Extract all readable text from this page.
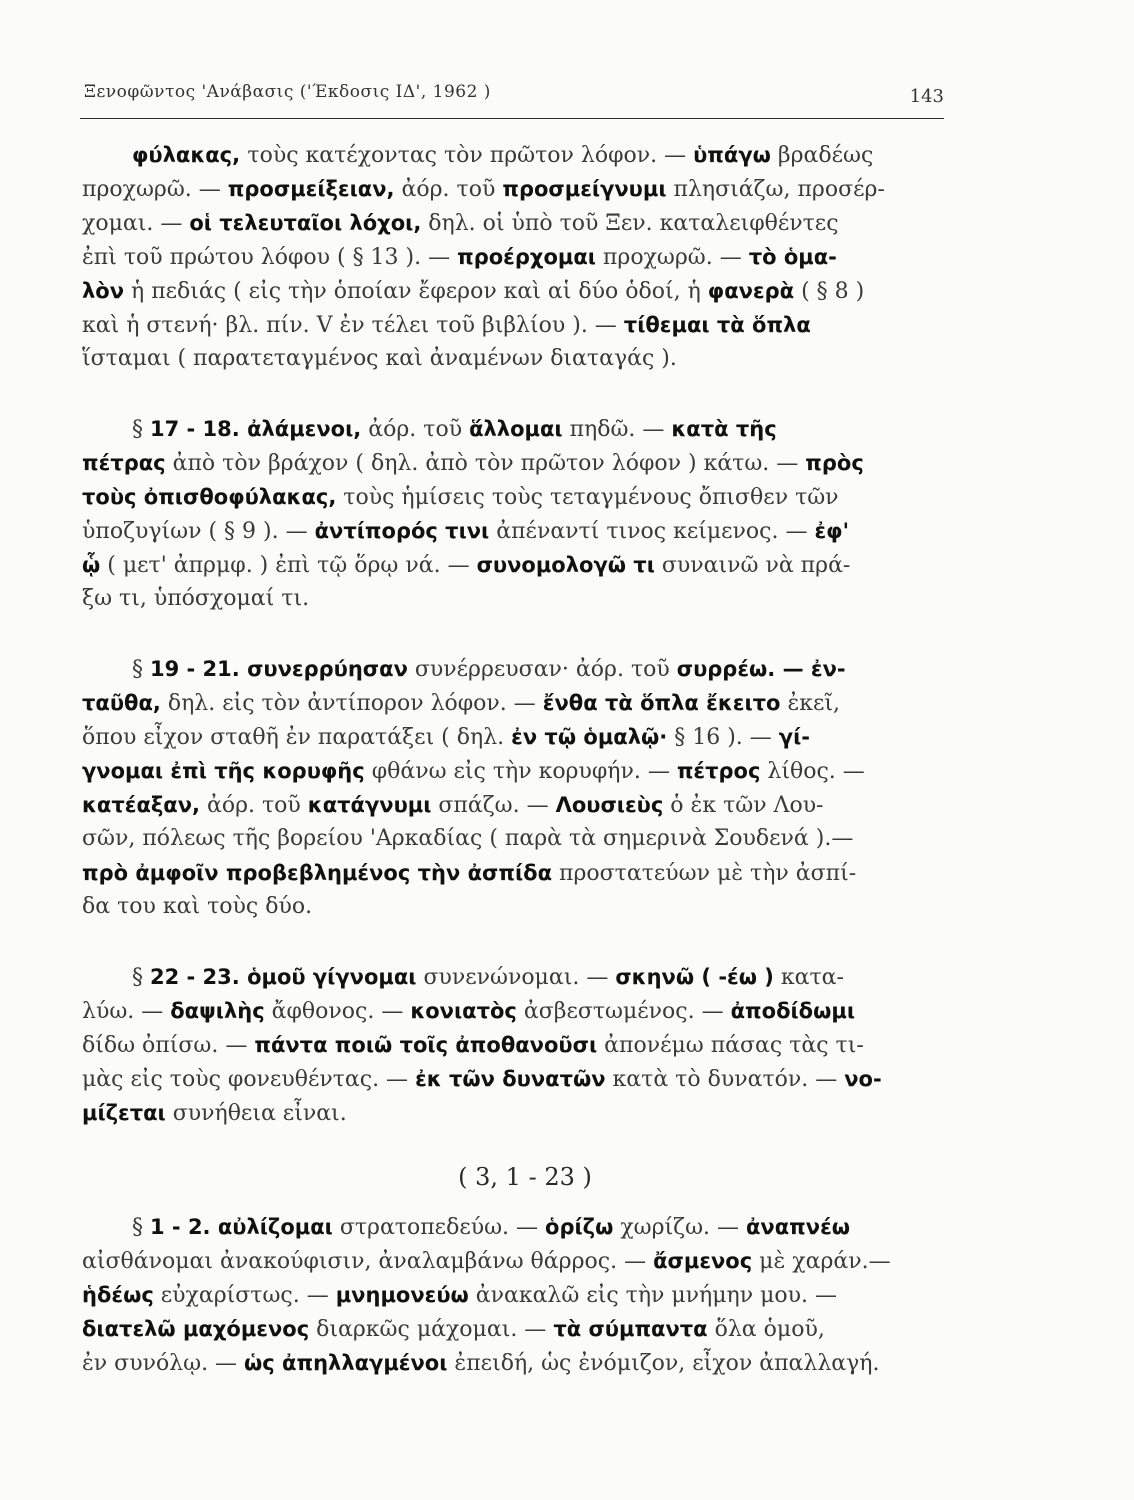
Ξενοφῶντος 'Ανάβασις ('Έκδοσις ΙΔ', 1962 )	143
φύλακας, τοὺς κατέχοντας τὸν πρῶτον λόφον. — ὑπάγω βραδέως
προχωρῶ. — προσμείξειαν, ἀόρ. τοῦ προσμείγνυμι πλησιάζω, προσέρ-
χομαι. — οἱ τελευταῖοι λόχοι, δηλ. οἱ ὑπὸ τοῦ Ξεν. καταλειφθέντες
ἐπὶ τοῦ πρώτου λόφου ( § 13 ). — προέρχομαι προχωρῶ. — τὸ ὁμα-
λὸν ἡ πεδιάς ( εἰς τὴν ὁποίαν ἔφερον καὶ αἱ δύο ὁδοί, ἡ φανερὰ ( § 8 )
καὶ ἡ στενή· βλ. πίν. V ἐν τέλει τοῦ βιβλίου ). — τίθεμαι τὰ ὅπλα
ἵσταμαι ( παρατεταγμένος καὶ ἀναμένων διαταγάς ).
§ 17 - 18. ἀλάμενοι, ἀόρ. τοῦ ἅλλομαι πηδῶ. — κατὰ τῆς
πέτρας ἀπὸ τὸν βράχον ( δηλ. ἀπὸ τὸν πρῶτον λόφον ) κάτω. — πρὸς
τοὺς ὀπισθοφύλακας, τοὺς ἡμίσεις τοὺς τεταγμένους ὄπισθεν τῶν
ὑποζυγίων ( § 9 ). — ἀντίπορός τινι ἀπέναντί τινος κείμενος. — ἐφ'
ᾧ ( μετ' ἀπρμφ. ) ἐπὶ τῷ ὅρῳ νά. — συνομολογῶ τι συναινῶ νὰ πρά-
ξω τι, ὑπόσχομαί τι.
§ 19 - 21. συνερρύησαν συνέρρευσαν· ἀόρ. τοῦ συρρέω. — ἐν-
ταῦθα, δηλ. εἰς τὸν ἀντίπορον λόφον. — ἔνθα τὰ ὅπλα ἔκειτο ἐκεῖ,
ὅπου εἶχον σταθῆ ἐν παρατάξει ( δηλ. ἐν τῷ ὁμαλῷ· § 16 ). — γί-
γνομαι ἐπὶ τῆς κορυφῆς φθάνω εἰς τὴν κορυφήν. — πέτρος λίθος. —
κατέαξαν, ἀόρ. τοῦ κατάγνυμι σπάζω. — Λουσιεὺς ὁ ἐκ τῶν Λου-
σῶν, πόλεως τῆς βορείου 'Αρκαδίας ( παρὰ τὰ σημερινὰ Σουδενά ).—
πρὸ ἀμφοῖν προβεβλημένος τὴν ἀσπίδα προστατεύων μὲ τὴν ἀσπί-
δα του καὶ τοὺς δύο.
§ 22 - 23. ὁμοῦ γίγνομαι συνενώνομαι. — σκηνῶ ( -έω ) κατα-
λύω. — δαψιλὴς ἄφθονος. — κονιατὸς ἀσβεστωμένος. — ἀποδίδωμι
δίδω ὀπίσω. — πάντα ποιῶ τοῖς ἀποθανοῦσι ἀπονέμω πάσας τὰς τι-
μὰς εἰς τοὺς φονευθέντας. — ἐκ τῶν δυνατῶν κατὰ τὸ δυνατόν. — νο-
μίζεται συνήθεια εἶναι.
( 3, 1 - 23 )
§ 1 - 2. αὐλίζομαι στρατοπεδεύω. — ὁρίζω χωρίζω. — ἀναπνέω
αἰσθάνομαι ἀνακούφισιν, ἀναλαμβάνω θάρρος. — ἄσμενος μὲ χαράν.—
ἡδέως εὐχαρίστως. — μνημονεύω ἀνακαλῶ εἰς τὴν μνήμην μου. —
διατελῶ μαχόμενος διαρκῶς μάχομαι. — τὰ σύμπαντα ὅλα ὁμοῦ,
ἐν συνόλῳ. — ὡς ἀπηλλαγμένοι ἐπειδή, ὡς ἐνόμιζον, εἶχον ἀπαλλαγή.
